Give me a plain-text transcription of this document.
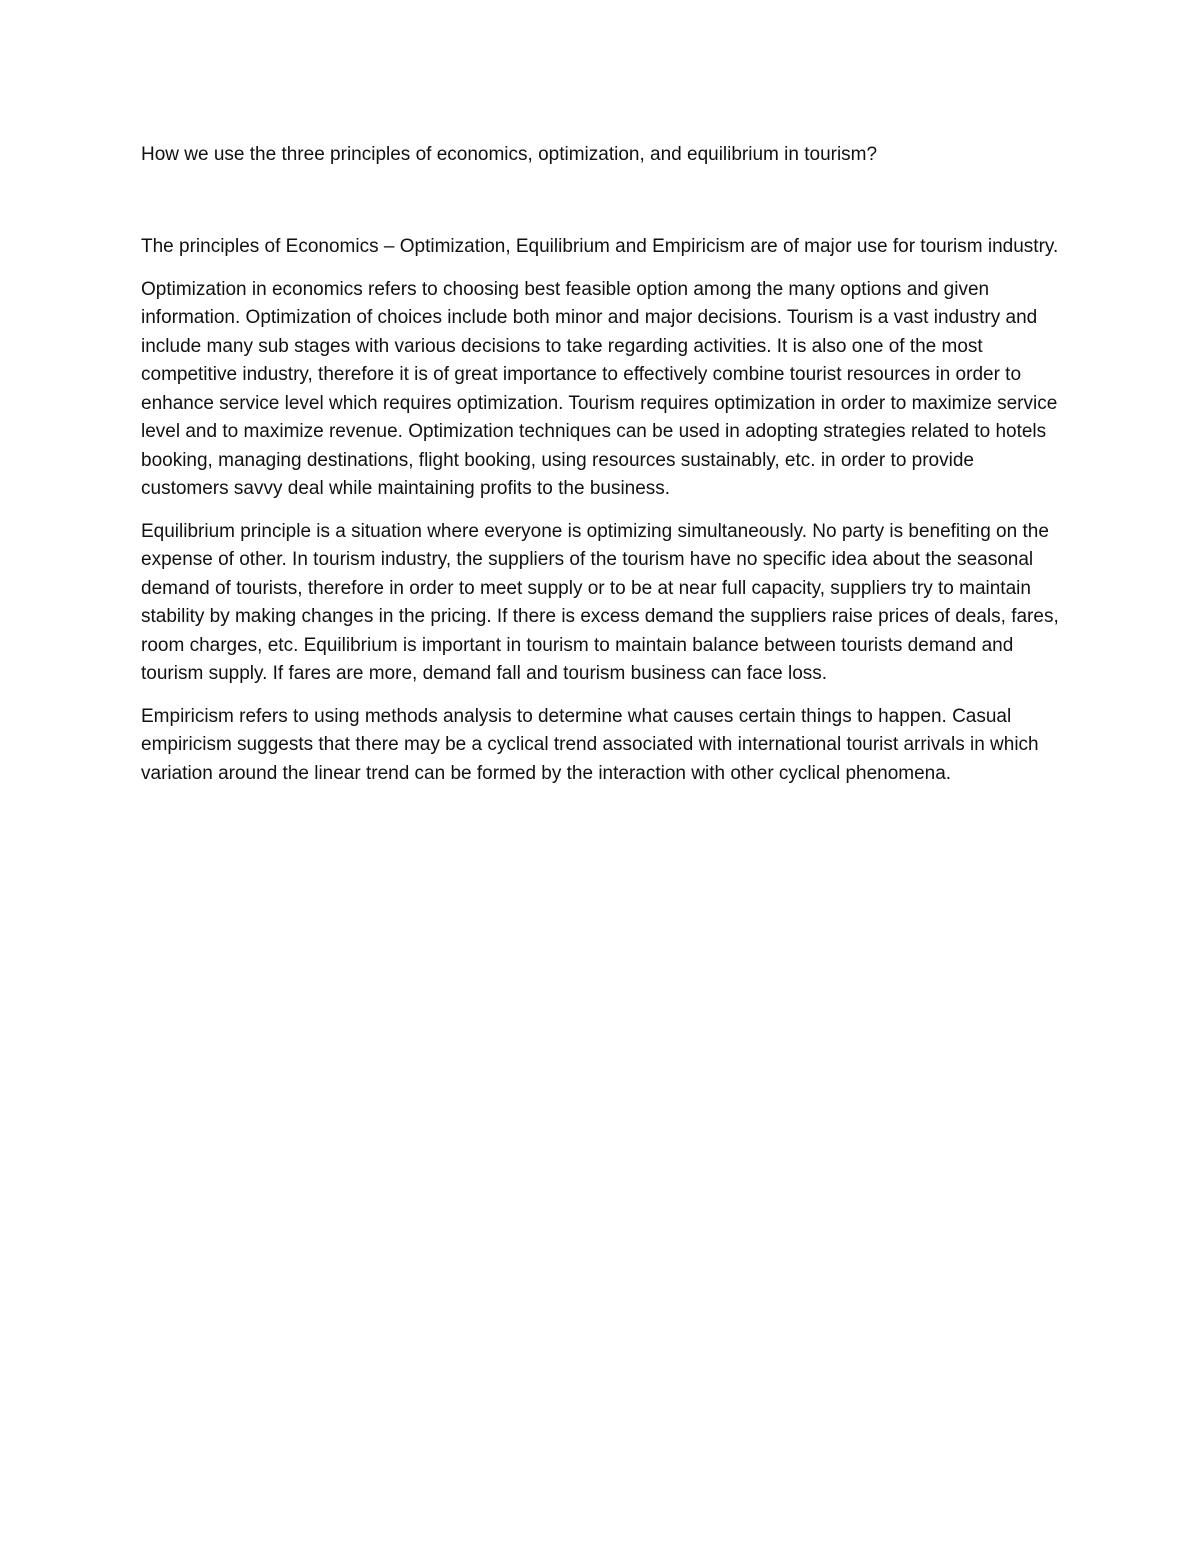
How we use the three principles of economics, optimization, and equilibrium in tourism?

The principles of Economics – Optimization, Equilibrium and Empiricism are of major use for tourism industry.

Optimization in economics refers to choosing best feasible option among the many options and given information. Optimization of choices include both minor and major decisions. Tourism is a vast industry and include many sub stages with various decisions to take regarding activities. It is also one of the most competitive industry, therefore it is of great importance to effectively combine tourist resources in order to enhance service level which requires optimization. Tourism requires optimization in order to maximize service level and to maximize revenue. Optimization techniques can be used in adopting strategies related to hotels booking, managing destinations, flight booking, using resources sustainably, etc. in order to provide customers savvy deal while maintaining profits to the business.

Equilibrium principle is a situation where everyone is optimizing simultaneously. No party is benefiting on the expense of other. In tourism industry, the suppliers of the tourism have no specific idea about the seasonal demand of tourists, therefore in order to meet supply or to be at near full capacity, suppliers try to maintain stability by making changes in the pricing. If there is excess demand the suppliers raise prices of deals, fares, room charges, etc. Equilibrium is important in tourism to maintain balance between tourists demand and tourism supply. If fares are more, demand fall and tourism business can face loss.

Empiricism refers to using methods analysis to determine what causes certain things to happen. Casual empiricism suggests that there may be a cyclical trend associated with international tourist arrivals in which variation around the linear trend can be formed by the interaction with other cyclical phenomena.
